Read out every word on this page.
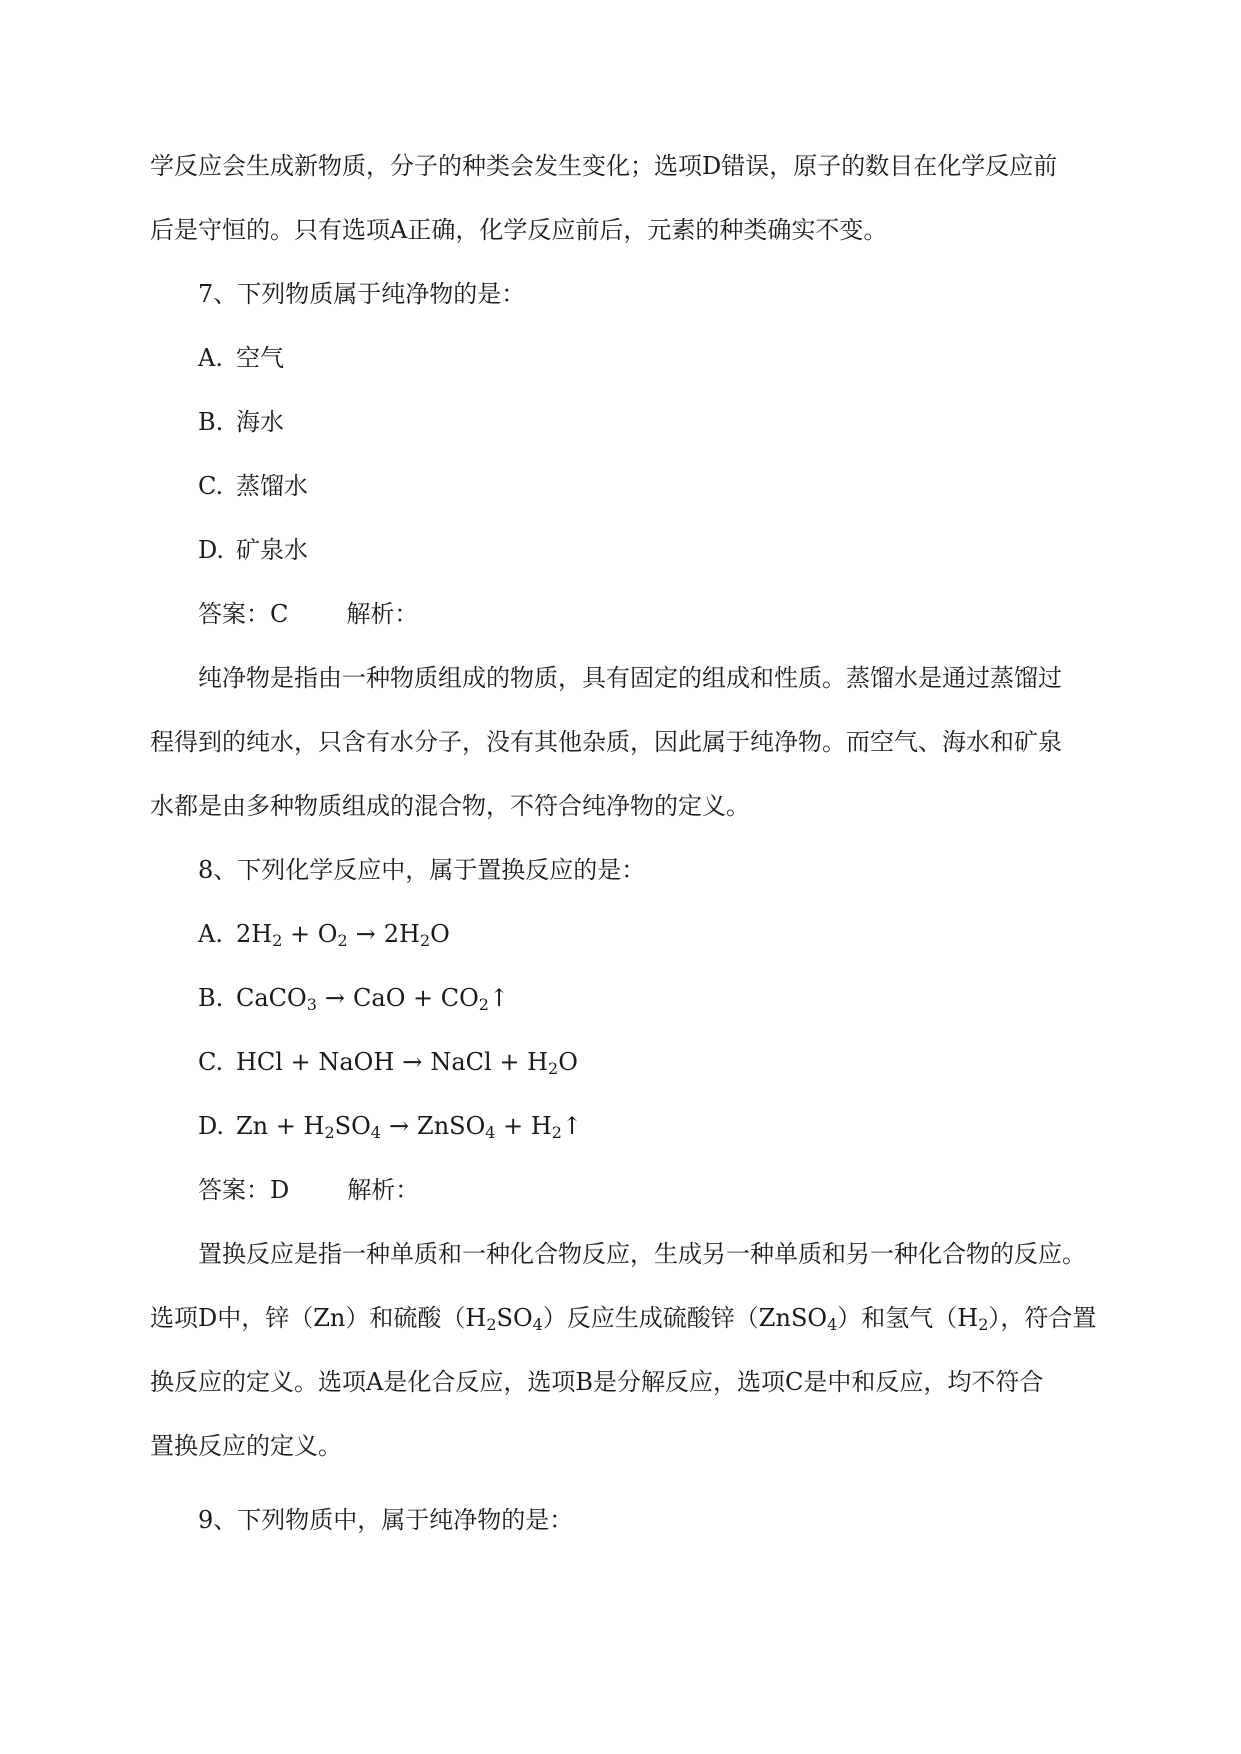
学反应会生成新物质，分子的种类会发生变化；选项D错误，原子的数目在化学反应前
后是守恒的。只有选项A正确，化学反应前后，元素的种类确实不变。
7、下列物质属于纯净物的是：
A. 空气
B. 海水
C. 蒸馏水
D. 矿泉水
答案：C 解析：
纯净物是指由一种物质组成的物质，具有固定的组成和性质。蒸馏水是通过蒸馏过
程得到的纯水，只含有水分子，没有其他杂质，因此属于纯净物。而空气、海水和矿泉
水都是由多种物质组成的混合物，不符合纯净物的定义。
8、下列化学反应中，属于置换反应的是：
A. $2H_2 + O_2 \to 2H_2O$
B. CaCO$_3$ → CaO + $CO_2↑$
C. HCl + NaOH → NaCl + $H_2O$
D. $Zn + H_2SO_4$ → ZnSO$_4$ + $H_2↑$
答案：D 解析：
置换反应是指一种单质和一种化合物反应，生成另一种单质和另一种化合物的反应。
选项D中，锌（Zn）和硫酸$(H_2SO_4)$反应生成硫酸锌（ZnSO$_4$）和氢气$(H_2)$，符合置
换反应的定义。选项A是化合反应，选项B是分解反应，选项C是中和反应，均不符合
置换反应的定义。
9、下列物质中，属于纯净物的是：
